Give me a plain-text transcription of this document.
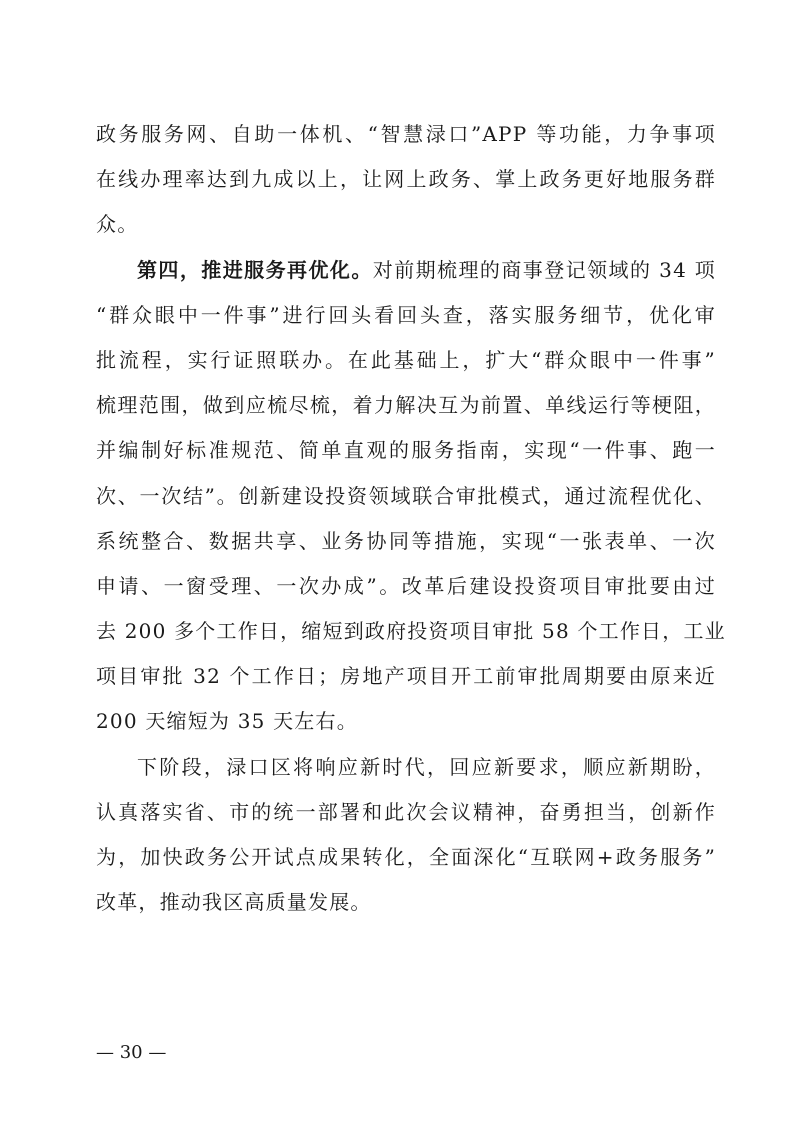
政务服务网、自助一体机、“智慧渌口”APP 等功能，力争事项
在线办理率达到九成以上，让网上政务、掌上政务更好地服务群
众。
第四，推进服务再优化。对前期梳理的商事登记领域的 34 项
“群众眼中一件事”进行回头看回头查，落实服务细节，优化审
批流程，实行证照联办。在此基础上，扩大“群众眼中一件事”
梳理范围，做到应梳尽梳，着力解决互为前置、单线运行等梗阻，
并编制好标准规范、简单直观的服务指南，实现“一件事、跑一
次、一次结”。创新建设投资领域联合审批模式，通过流程优化、
系统整合、数据共享、业务协同等措施，实现“一张表单、一次
申请、一窗受理、一次办成”。改革后建设投资项目审批要由过
去 200 多个工作日，缩短到政府投资项目审批 58 个工作日，工业
项目审批 32 个工作日；房地产项目开工前审批周期要由原来近
200 天缩短为 35 天左右。
下阶段，渌口区将响应新时代，回应新要求，顺应新期盼，
认真落实省、市的统一部署和此次会议精神，奋勇担当，创新作
为，加快政务公开试点成果转化，全面深化“互联网+政务服务”
改革，推动我区高质量发展。
— 30 —
